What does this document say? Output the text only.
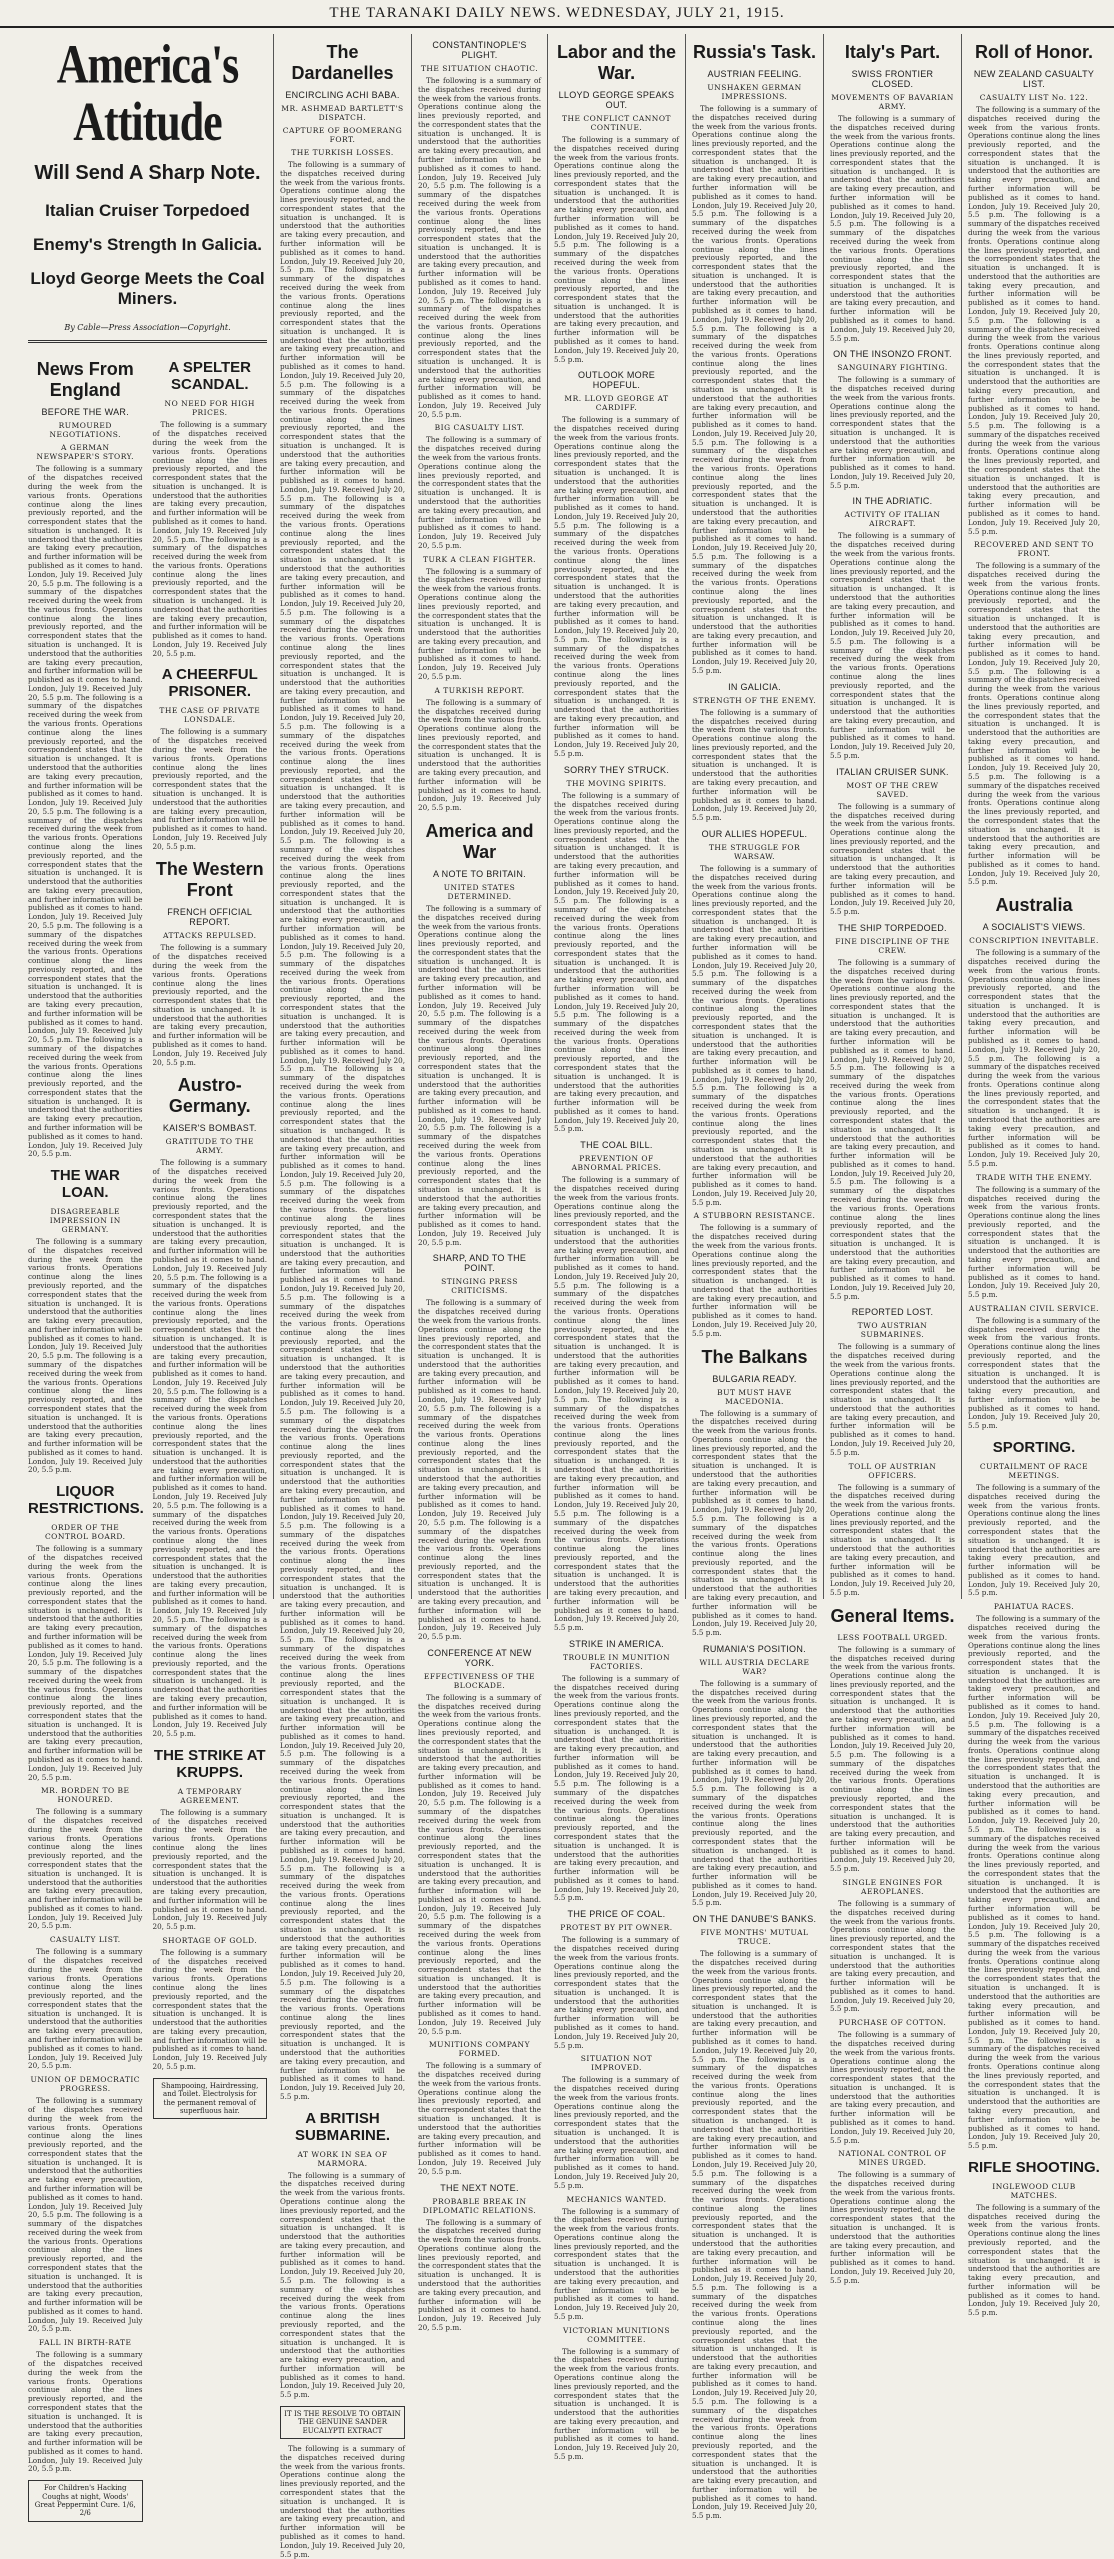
THE TARANAKI DAILY NEWS. WEDNESDAY, JULY 21, 1915.
America's Attitude
Will Send A Sharp Note.
Italian Cruiser Torpedoed
Enemy's Strength In Galicia.
Lloyd George Meets the Coal Miners.
By Cable—Press Association—Copyright.
News From England
BEFORE THE WAR.
RUMOURED NEGOTIATIONS.
A GERMAN NEWSPAPER'S STORY.

The following is a summary of the dispatches received during the week from the various fronts. Operations continue along the lines previously reported, and the correspondent states that the situation is unchanged. It is understood that the authorities are taking every precaution, and further information will be published as it comes to hand. London, July 19. Received July 20, 5.5 p.m. The following is a summary of the dispatches received during the week from the various fronts. Operations continue along the lines previously reported, and the correspondent states that the situation is unchanged. It is understood that the authorities are taking every precaution, and further information will be published as it comes to hand. London, July 19. Received July 20, 5.5 p.m. The following is a summary of the dispatches received during the week from the various fronts. Operations continue along the lines previously reported, and the correspondent states that the situation is unchanged. It is understood that the authorities are taking every precaution, and further information will be published as it comes to hand. London, July 19. Received July 20, 5.5 p.m. The following is a summary of the dispatches received during the week from the various fronts. Operations continue along the lines previously reported, and the correspondent states that the situation is unchanged. It is understood that the authorities are taking every precaution, and further information will be published as it comes to hand. London, July 19. Received July 20, 5.5 p.m. The following is a summary of the dispatches received during the week from the various fronts. Operations continue along the lines previously reported, and the correspondent states that the situation is unchanged. It is understood that the authorities are taking every precaution, and further information will be published as it comes to hand. London, July 19. Received July 20, 5.5 p.m. The following is a summary of the dispatches received during the week from the various fronts. Operations continue along the lines previously reported, and the correspondent states that the situation is unchanged. It is understood that the authorities are taking every precaution, and further information will be published as it comes to hand. London, July 19. Received July 20, 5.5 p.m.

THE WAR LOAN.
DISAGREEABLE IMPRESSION IN GERMANY.

The following is a summary of the dispatches received during the week from the various fronts. Operations continue along the lines previously reported, and the correspondent states that the situation is unchanged. It is understood that the authorities are taking every precaution, and further information will be published as it comes to hand. London, July 19. Received July 20, 5.5 p.m. The following is a summary of the dispatches received during the week from the various fronts. Operations continue along the lines previously reported, and the correspondent states that the situation is unchanged. It is understood that the authorities are taking every precaution, and further information will be published as it comes to hand. London, July 19. Received July 20, 5.5 p.m.

LIQUOR RESTRICTIONS.
ORDER OF THE CONTROL BOARD.

The following is a summary of the dispatches received during the week from the various fronts. Operations continue along the lines previously reported, and the correspondent states that the situation is unchanged. It is understood that the authorities are taking every precaution, and further information will be published as it comes to hand. London, July 19. Received July 20, 5.5 p.m. The following is a summary of the dispatches received during the week from the various fronts. Operations continue along the lines previously reported, and the correspondent states that the situation is unchanged. It is understood that the authorities are taking every precaution, and further information will be published as it comes to hand. London, July 19. Received July 20, 5.5 p.m.

MR. BORDEN TO BE HONOURED.

The following is a summary of the dispatches received during the week from the various fronts. Operations continue along the lines previously reported, and the correspondent states that the situation is unchanged. It is understood that the authorities are taking every precaution, and further information will be published as it comes to hand. London, July 19. Received July 20, 5.5 p.m.

CASUALTY LIST.

The following is a summary of the dispatches received during the week from the various fronts. Operations continue along the lines previously reported, and the correspondent states that the situation is unchanged. It is understood that the authorities are taking every precaution, and further information will be published as it comes to hand. London, July 19. Received July 20, 5.5 p.m.

UNION OF DEMOCRATIC PROGRESS.

The following is a summary of the dispatches received during the week from the various fronts. Operations continue along the lines previously reported, and the correspondent states that the situation is unchanged. It is understood that the authorities are taking every precaution, and further information will be published as it comes to hand. London, July 19. Received July 20, 5.5 p.m. The following is a summary of the dispatches received during the week from the various fronts. Operations continue along the lines previously reported, and the correspondent states that the situation is unchanged. It is understood that the authorities are taking every precaution, and further information will be published as it comes to hand. London, July 19. Received July 20, 5.5 p.m.

FALL IN BIRTH-RATE

The following is a summary of the dispatches received during the week from the various fronts. Operations continue along the lines previously reported, and the correspondent states that the situation is unchanged. It is understood that the authorities are taking every precaution, and further information will be published as it comes to hand. London, July 19. Received July 20, 5.5 p.m.

For Children's Hacking Coughs at night, Woods' Great Peppermint Cure. 1/6, 2/6
A SPELTER SCANDAL.
NO NEED FOR HIGH PRICES.

The following is a summary of the dispatches received during the week from the various fronts. Operations continue along the lines previously reported, and the correspondent states that the situation is unchanged. It is understood that the authorities are taking every precaution, and further information will be published as it comes to hand. London, July 19. Received July 20, 5.5 p.m. The following is a summary of the dispatches received during the week from the various fronts. Operations continue along the lines previously reported, and the correspondent states that the situation is unchanged. It is understood that the authorities are taking every precaution, and further information will be published as it comes to hand. London, July 19. Received July 20, 5.5 p.m.

A CHEERFUL PRISONER.
THE CASE OF PRIVATE LONSDALE.

The following is a summary of the dispatches received during the week from the various fronts. Operations continue along the lines previously reported, and the correspondent states that the situation is unchanged. It is understood that the authorities are taking every precaution, and further information will be published as it comes to hand. London, July 19. Received July 20, 5.5 p.m.

The Western Front
FRENCH OFFICIAL REPORT.
ATTACKS REPULSED.

The following is a summary of the dispatches received during the week from the various fronts. Operations continue along the lines previously reported, and the correspondent states that the situation is unchanged. It is understood that the authorities are taking every precaution, and further information will be published as it comes to hand. London, July 19. Received July 20, 5.5 p.m.

Austro-Germany.
KAISER'S BOMBAST.
GRATITUDE TO THE ARMY.

The following is a summary of the dispatches received during the week from the various fronts. Operations continue along the lines previously reported, and the correspondent states that the situation is unchanged. It is understood that the authorities are taking every precaution, and further information will be published as it comes to hand. London, July 19. Received July 20, 5.5 p.m. The following is a summary of the dispatches received during the week from the various fronts. Operations continue along the lines previously reported, and the correspondent states that the situation is unchanged. It is understood that the authorities are taking every precaution, and further information will be published as it comes to hand. London, July 19. Received July 20, 5.5 p.m. The following is a summary of the dispatches received during the week from the various fronts. Operations continue along the lines previously reported, and the correspondent states that the situation is unchanged. It is understood that the authorities are taking every precaution, and further information will be published as it comes to hand. London, July 19. Received July 20, 5.5 p.m. The following is a summary of the dispatches received during the week from the various fronts. Operations continue along the lines previously reported, and the correspondent states that the situation is unchanged. It is understood that the authorities are taking every precaution, and further information will be published as it comes to hand. London, July 19. Received July 20, 5.5 p.m. The following is a summary of the dispatches received during the week from the various fronts. Operations continue along the lines previously reported, and the correspondent states that the situation is unchanged. It is understood that the authorities are taking every precaution, and further information will be published as it comes to hand. London, July 19. Received July 20, 5.5 p.m.

THE STRIKE AT KRUPPS.
A TEMPORARY AGREEMENT.

The following is a summary of the dispatches received during the week from the various fronts. Operations continue along the lines previously reported, and the correspondent states that the situation is unchanged. It is understood that the authorities are taking every precaution, and further information will be published as it comes to hand. London, July 19. Received July 20, 5.5 p.m.

SHORTAGE OF GOLD.

The following is a summary of the dispatches received during the week from the various fronts. Operations continue along the lines previously reported, and the correspondent states that the situation is unchanged. It is understood that the authorities are taking every precaution, and further information will be published as it comes to hand. London, July 19. Received July 20, 5.5 p.m.

Shampooing, Hairdressing, and Toilet. Electrolysis for the permanent removal of superfluous hair.
The Dardanelles
ENCIRCLING ACHI BABA.
MR. ASHMEAD BARTLETT'S DISPATCH.
CAPTURE OF BOOMERANG FORT.
THE TURKISH LOSSES.

The following is a summary of the dispatches received during the week from the various fronts. Operations continue along the lines previously reported, and the correspondent states that the situation is unchanged. It is understood that the authorities are taking every precaution, and further information will be published as it comes to hand. London, July 19. Received July 20, 5.5 p.m. The following is a summary of the dispatches received during the week from the various fronts. Operations continue along the lines previously reported, and the correspondent states that the situation is unchanged. It is understood that the authorities are taking every precaution, and further information will be published as it comes to hand. London, July 19. Received July 20, 5.5 p.m. The following is a summary of the dispatches received during the week from the various fronts. Operations continue along the lines previously reported, and the correspondent states that the situation is unchanged. It is understood that the authorities are taking every precaution, and further information will be published as it comes to hand. London, July 19. Received July 20, 5.5 p.m. The following is a summary of the dispatches received during the week from the various fronts. Operations continue along the lines previously reported, and the correspondent states that the situation is unchanged. It is understood that the authorities are taking every precaution, and further information will be published as it comes to hand. London, July 19. Received July 20, 5.5 p.m. The following is a summary of the dispatches received during the week from the various fronts. Operations continue along the lines previously reported, and the correspondent states that the situation is unchanged. It is understood that the authorities are taking every precaution, and further information will be published as it comes to hand. London, July 19. Received July 20, 5.5 p.m. The following is a summary of the dispatches received during the week from the various fronts. Operations continue along the lines previously reported, and the correspondent states that the situation is unchanged. It is understood that the authorities are taking every precaution, and further information will be published as it comes to hand. London, July 19. Received July 20, 5.5 p.m. The following is a summary of the dispatches received during the week from the various fronts. Operations continue along the lines previously reported, and the correspondent states that the situation is unchanged. It is understood that the authorities are taking every precaution, and further information will be published as it comes to hand. London, July 19. Received July 20, 5.5 p.m. The following is a summary of the dispatches received during the week from the various fronts. Operations continue along the lines previously reported, and the correspondent states that the situation is unchanged. It is understood that the authorities are taking every precaution, and further information will be published as it comes to hand. London, July 19. Received July 20, 5.5 p.m. The following is a summary of the dispatches received during the week from the various fronts. Operations continue along the lines previously reported, and the correspondent states that the situation is unchanged. It is understood that the authorities are taking every precaution, and further information will be published as it comes to hand. London, July 19. Received July 20, 5.5 p.m. The following is a summary of the dispatches received during the week from the various fronts. Operations continue along the lines previously reported, and the correspondent states that the situation is unchanged. It is understood that the authorities are taking every precaution, and further information will be published as it comes to hand. London, July 19. Received July 20, 5.5 p.m. The following is a summary of the dispatches received during the week from the various fronts. Operations continue along the lines previously reported, and the correspondent states that the situation is unchanged. It is understood that the authorities are taking every precaution, and further information will be published as it comes to hand. London, July 19. Received July 20, 5.5 p.m. The following is a summary of the dispatches received during the week from the various fronts. Operations continue along the lines previously reported, and the correspondent states that the situation is unchanged. It is understood that the authorities are taking every precaution, and further information will be published as it comes to hand. London, July 19. Received July 20, 5.5 p.m. The following is a summary of the dispatches received during the week from the various fronts. Operations continue along the lines previously reported, and the correspondent states that the situation is unchanged. It is understood that the authorities are taking every precaution, and further information will be published as it comes to hand. London, July 19. Received July 20, 5.5 p.m. The following is a summary of the dispatches received during the week from the various fronts. Operations continue along the lines previously reported, and the correspondent states that the situation is unchanged. It is understood that the authorities are taking every precaution, and further information will be published as it comes to hand. London, July 19. Received July 20, 5.5 p.m. The following is a summary of the dispatches received during the week from the various fronts. Operations continue along the lines previously reported, and the correspondent states that the situation is unchanged. It is understood that the authorities are taking every precaution, and further information will be published as it comes to hand. London, July 19. Received July 20, 5.5 p.m. The following is a summary of the dispatches received during the week from the various fronts. Operations continue along the lines previously reported, and the correspondent states that the situation is unchanged. It is understood that the authorities are taking every precaution, and further information will be published as it comes to hand. London, July 19. Received July 20, 5.5 p.m. The following is a summary of the dispatches received during the week from the various fronts. Operations continue along the lines previously reported, and the correspondent states that the situation is unchanged. It is understood that the authorities are taking every precaution, and further information will be published as it comes to hand. London, July 19. Received July 20, 5.5 p.m.

A BRITISH SUBMARINE.
AT WORK IN SEA OF MARMORA.

The following is a summary of the dispatches received during the week from the various fronts. Operations continue along the lines previously reported, and the correspondent states that the situation is unchanged. It is understood that the authorities are taking every precaution, and further information will be published as it comes to hand. London, July 19. Received July 20, 5.5 p.m. The following is a summary of the dispatches received during the week from the various fronts. Operations continue along the lines previously reported, and the correspondent states that the situation is unchanged. It is understood that the authorities are taking every precaution, and further information will be published as it comes to hand. London, July 19. Received July 20, 5.5 p.m.

IT IS THE RESOLVE TO OBTAIN THE GENUINE SANDER EUCALYPTI EXTRACT

The following is a summary of the dispatches received during the week from the various fronts. Operations continue along the lines previously reported, and the correspondent states that the situation is unchanged. It is understood that the authorities are taking every precaution, and further information will be published as it comes to hand. London, July 19. Received July 20, 5.5 p.m.

CONSTANTINOPLE'S PLIGHT.
THE SITUATION CHAOTIC.

The following is a summary of the dispatches received during the week from the various fronts. Operations continue along the lines previously reported, and the correspondent states that the situation is unchanged. It is understood that the authorities are taking every precaution, and further information will be published as it comes to hand. London, July 19. Received July 20, 5.5 p.m. The following is a summary of the dispatches received during the week from the various fronts. Operations continue along the lines previously reported, and the correspondent states that the situation is unchanged. It is understood that the authorities are taking every precaution, and further information will be published as it comes to hand. London, July 19. Received July 20, 5.5 p.m. The following is a summary of the dispatches received during the week from the various fronts. Operations continue along the lines previously reported, and the correspondent states that the situation is unchanged. It is understood that the authorities are taking every precaution, and further information will be published as it comes to hand. London, July 19. Received July 20, 5.5 p.m.

BIG CASUALTY LIST.

The following is a summary of the dispatches received during the week from the various fronts. Operations continue along the lines previously reported, and the correspondent states that the situation is unchanged. It is understood that the authorities are taking every precaution, and further information will be published as it comes to hand. London, July 19. Received July 20, 5.5 p.m.

TURK A CLEAN FIGHTER.

The following is a summary of the dispatches received during the week from the various fronts. Operations continue along the lines previously reported, and the correspondent states that the situation is unchanged. It is understood that the authorities are taking every precaution, and further information will be published as it comes to hand. London, July 19. Received July 20, 5.5 p.m.

A TURKISH REPORT.

The following is a summary of the dispatches received during the week from the various fronts. Operations continue along the lines previously reported, and the correspondent states that the situation is unchanged. It is understood that the authorities are taking every precaution, and further information will be published as it comes to hand. London, July 19. Received July 20, 5.5 p.m.

America and War
A NOTE TO BRITAIN.
UNITED STATES DETERMINED.

The following is a summary of the dispatches received during the week from the various fronts. Operations continue along the lines previously reported, and the correspondent states that the situation is unchanged. It is understood that the authorities are taking every precaution, and further information will be published as it comes to hand. London, July 19. Received July 20, 5.5 p.m. The following is a summary of the dispatches received during the week from the various fronts. Operations continue along the lines previously reported, and the correspondent states that the situation is unchanged. It is understood that the authorities are taking every precaution, and further information will be published as it comes to hand. London, July 19. Received July 20, 5.5 p.m. The following is a summary of the dispatches received during the week from the various fronts. Operations continue along the lines previously reported, and the correspondent states that the situation is unchanged. It is understood that the authorities are taking every precaution, and further information will be published as it comes to hand. London, July 19. Received July 20, 5.5 p.m.

SHARP, AND TO THE POINT.
STINGING PRESS CRITICISMS.

The following is a summary of the dispatches received during the week from the various fronts. Operations continue along the lines previously reported, and the correspondent states that the situation is unchanged. It is understood that the authorities are taking every precaution, and further information will be published as it comes to hand. London, July 19. Received July 20, 5.5 p.m. The following is a summary of the dispatches received during the week from the various fronts. Operations continue along the lines previously reported, and the correspondent states that the situation is unchanged. It is understood that the authorities are taking every precaution, and further information will be published as it comes to hand. London, July 19. Received July 20, 5.5 p.m. The following is a summary of the dispatches received during the week from the various fronts. Operations continue along the lines previously reported, and the correspondent states that the situation is unchanged. It is understood that the authorities are taking every precaution, and further information will be published as it comes to hand. London, July 19. Received July 20, 5.5 p.m.

CONFERENCE AT NEW YORK.
EFFECTIVENESS OF THE BLOCKADE.

The following is a summary of the dispatches received during the week from the various fronts. Operations continue along the lines previously reported, and the correspondent states that the situation is unchanged. It is understood that the authorities are taking every precaution, and further information will be published as it comes to hand. London, July 19. Received July 20, 5.5 p.m. The following is a summary of the dispatches received during the week from the various fronts. Operations continue along the lines previously reported, and the correspondent states that the situation is unchanged. It is understood that the authorities are taking every precaution, and further information will be published as it comes to hand. London, July 19. Received July 20, 5.5 p.m. The following is a summary of the dispatches received during the week from the various fronts. Operations continue along the lines previously reported, and the correspondent states that the situation is unchanged. It is understood that the authorities are taking every precaution, and further information will be published as it comes to hand. London, July 19. Received July 20, 5.5 p.m.

MUNITIONS COMPANY FORMED.

The following is a summary of the dispatches received during the week from the various fronts. Operations continue along the lines previously reported, and the correspondent states that the situation is unchanged. It is understood that the authorities are taking every precaution, and further information will be published as it comes to hand. London, July 19. Received July 20, 5.5 p.m.

THE NEXT NOTE.
PROBABLE BREAK IN DIPLOMATIC RELATIONS.

The following is a summary of the dispatches received during the week from the various fronts. Operations continue along the lines previously reported, and the correspondent states that the situation is unchanged. It is understood that the authorities are taking every precaution, and further information will be published as it comes to hand. London, July 19. Received July 20, 5.5 p.m.

Labor and the War.
LLOYD GEORGE SPEAKS OUT.
THE CONFLICT CANNOT CONTINUE.

The following is a summary of the dispatches received during the week from the various fronts. Operations continue along the lines previously reported, and the correspondent states that the situation is unchanged. It is understood that the authorities are taking every precaution, and further information will be published as it comes to hand. London, July 19. Received July 20, 5.5 p.m. The following is a summary of the dispatches received during the week from the various fronts. Operations continue along the lines previously reported, and the correspondent states that the situation is unchanged. It is understood that the authorities are taking every precaution, and further information will be published as it comes to hand. London, July 19. Received July 20, 5.5 p.m.

OUTLOOK MORE HOPEFUL.
MR. LLOYD GEORGE AT CARDIFF.

The following is a summary of the dispatches received during the week from the various fronts. Operations continue along the lines previously reported, and the correspondent states that the situation is unchanged. It is understood that the authorities are taking every precaution, and further information will be published as it comes to hand. London, July 19. Received July 20, 5.5 p.m. The following is a summary of the dispatches received during the week from the various fronts. Operations continue along the lines previously reported, and the correspondent states that the situation is unchanged. It is understood that the authorities are taking every precaution, and further information will be published as it comes to hand. London, July 19. Received July 20, 5.5 p.m. The following is a summary of the dispatches received during the week from the various fronts. Operations continue along the lines previously reported, and the correspondent states that the situation is unchanged. It is understood that the authorities are taking every precaution, and further information will be published as it comes to hand. London, July 19. Received July 20, 5.5 p.m.

SORRY THEY STRUCK.
THE MOVING SPIRITS.

The following is a summary of the dispatches received during the week from the various fronts. Operations continue along the lines previously reported, and the correspondent states that the situation is unchanged. It is understood that the authorities are taking every precaution, and further information will be published as it comes to hand. London, July 19. Received July 20, 5.5 p.m. The following is a summary of the dispatches received during the week from the various fronts. Operations continue along the lines previously reported, and the correspondent states that the situation is unchanged. It is understood that the authorities are taking every precaution, and further information will be published as it comes to hand. London, July 19. Received July 20, 5.5 p.m. The following is a summary of the dispatches received during the week from the various fronts. Operations continue along the lines previously reported, and the correspondent states that the situation is unchanged. It is understood that the authorities are taking every precaution, and further information will be published as it comes to hand. London, July 19. Received July 20, 5.5 p.m.

THE COAL BILL.
PREVENTION OF ABNORMAL PRICES.

The following is a summary of the dispatches received during the week from the various fronts. Operations continue along the lines previously reported, and the correspondent states that the situation is unchanged. It is understood that the authorities are taking every precaution, and further information will be published as it comes to hand. London, July 19. Received July 20, 5.5 p.m. The following is a summary of the dispatches received during the week from the various fronts. Operations continue along the lines previously reported, and the correspondent states that the situation is unchanged. It is understood that the authorities are taking every precaution, and further information will be published as it comes to hand. London, July 19. Received July 20, 5.5 p.m. The following is a summary of the dispatches received during the week from the various fronts. Operations continue along the lines previously reported, and the correspondent states that the situation is unchanged. It is understood that the authorities are taking every precaution, and further information will be published as it comes to hand. London, July 19. Received July 20, 5.5 p.m. The following is a summary of the dispatches received during the week from the various fronts. Operations continue along the lines previously reported, and the correspondent states that the situation is unchanged. It is understood that the authorities are taking every precaution, and further information will be published as it comes to hand. London, July 19. Received July 20, 5.5 p.m.

STRIKE IN AMERICA.
TROUBLE IN MUNITION FACTORIES.

The following is a summary of the dispatches received during the week from the various fronts. Operations continue along the lines previously reported, and the correspondent states that the situation is unchanged. It is understood that the authorities are taking every precaution, and further information will be published as it comes to hand. London, July 19. Received July 20, 5.5 p.m. The following is a summary of the dispatches received during the week from the various fronts. Operations continue along the lines previously reported, and the correspondent states that the situation is unchanged. It is understood that the authorities are taking every precaution, and further information will be published as it comes to hand. London, July 19. Received July 20, 5.5 p.m.

THE PRICE OF COAL.
PROTEST BY PIT OWNER.

The following is a summary of the dispatches received during the week from the various fronts. Operations continue along the lines previously reported, and the correspondent states that the situation is unchanged. It is understood that the authorities are taking every precaution, and further information will be published as it comes to hand. London, July 19. Received July 20, 5.5 p.m.

SITUATION NOT IMPROVED.

The following is a summary of the dispatches received during the week from the various fronts. Operations continue along the lines previously reported, and the correspondent states that the situation is unchanged. It is understood that the authorities are taking every precaution, and further information will be published as it comes to hand. London, July 19. Received July 20, 5.5 p.m.

MECHANICS WANTED.

The following is a summary of the dispatches received during the week from the various fronts. Operations continue along the lines previously reported, and the correspondent states that the situation is unchanged. It is understood that the authorities are taking every precaution, and further information will be published as it comes to hand. London, July 19. Received July 20, 5.5 p.m.

VICTORIAN MUNITIONS COMMITTEE.

The following is a summary of the dispatches received during the week from the various fronts. Operations continue along the lines previously reported, and the correspondent states that the situation is unchanged. It is understood that the authorities are taking every precaution, and further information will be published as it comes to hand. London, July 19. Received July 20, 5.5 p.m.

Russia's Task.
AUSTRIAN FEELING.
UNSHAKEN GERMAN IMPRESSIONS.

The following is a summary of the dispatches received during the week from the various fronts. Operations continue along the lines previously reported, and the correspondent states that the situation is unchanged. It is understood that the authorities are taking every precaution, and further information will be published as it comes to hand. London, July 19. Received July 20, 5.5 p.m. The following is a summary of the dispatches received during the week from the various fronts. Operations continue along the lines previously reported, and the correspondent states that the situation is unchanged. It is understood that the authorities are taking every precaution, and further information will be published as it comes to hand. London, July 19. Received July 20, 5.5 p.m. The following is a summary of the dispatches received during the week from the various fronts. Operations continue along the lines previously reported, and the correspondent states that the situation is unchanged. It is understood that the authorities are taking every precaution, and further information will be published as it comes to hand. London, July 19. Received July 20, 5.5 p.m. The following is a summary of the dispatches received during the week from the various fronts. Operations continue along the lines previously reported, and the correspondent states that the situation is unchanged. It is understood that the authorities are taking every precaution, and further information will be published as it comes to hand. London, July 19. Received July 20, 5.5 p.m. The following is a summary of the dispatches received during the week from the various fronts. Operations continue along the lines previously reported, and the correspondent states that the situation is unchanged. It is understood that the authorities are taking every precaution, and further information will be published as it comes to hand. London, July 19. Received July 20, 5.5 p.m.

IN GALICIA.
STRENGTH OF THE ENEMY.

The following is a summary of the dispatches received during the week from the various fronts. Operations continue along the lines previously reported, and the correspondent states that the situation is unchanged. It is understood that the authorities are taking every precaution, and further information will be published as it comes to hand. London, July 19. Received July 20, 5.5 p.m.

OUR ALLIES HOPEFUL.
THE STRUGGLE FOR WARSAW.

The following is a summary of the dispatches received during the week from the various fronts. Operations continue along the lines previously reported, and the correspondent states that the situation is unchanged. It is understood that the authorities are taking every precaution, and further information will be published as it comes to hand. London, July 19. Received July 20, 5.5 p.m. The following is a summary of the dispatches received during the week from the various fronts. Operations continue along the lines previously reported, and the correspondent states that the situation is unchanged. It is understood that the authorities are taking every precaution, and further information will be published as it comes to hand. London, July 19. Received July 20, 5.5 p.m. The following is a summary of the dispatches received during the week from the various fronts. Operations continue along the lines previously reported, and the correspondent states that the situation is unchanged. It is understood that the authorities are taking every precaution, and further information will be published as it comes to hand. London, July 19. Received July 20, 5.5 p.m.

A STUBBORN RESISTANCE.

The following is a summary of the dispatches received during the week from the various fronts. Operations continue along the lines previously reported, and the correspondent states that the situation is unchanged. It is understood that the authorities are taking every precaution, and further information will be published as it comes to hand. London, July 19. Received July 20, 5.5 p.m.

The Balkans
BULGARIA READY.
BUT MUST HAVE MACEDONIA.

The following is a summary of the dispatches received during the week from the various fronts. Operations continue along the lines previously reported, and the correspondent states that the situation is unchanged. It is understood that the authorities are taking every precaution, and further information will be published as it comes to hand. London, July 19. Received July 20, 5.5 p.m. The following is a summary of the dispatches received during the week from the various fronts. Operations continue along the lines previously reported, and the correspondent states that the situation is unchanged. It is understood that the authorities are taking every precaution, and further information will be published as it comes to hand. London, July 19. Received July 20, 5.5 p.m.

RUMANIA'S POSITION.
WILL AUSTRIA DECLARE WAR?

The following is a summary of the dispatches received during the week from the various fronts. Operations continue along the lines previously reported, and the correspondent states that the situation is unchanged. It is understood that the authorities are taking every precaution, and further information will be published as it comes to hand. London, July 19. Received July 20, 5.5 p.m. The following is a summary of the dispatches received during the week from the various fronts. Operations continue along the lines previously reported, and the correspondent states that the situation is unchanged. It is understood that the authorities are taking every precaution, and further information will be published as it comes to hand. London, July 19. Received July 20, 5.5 p.m.

ON THE DANUBE'S BANKS.
FIVE MONTHS' MUTUAL TRUCE.

The following is a summary of the dispatches received during the week from the various fronts. Operations continue along the lines previously reported, and the correspondent states that the situation is unchanged. It is understood that the authorities are taking every precaution, and further information will be published as it comes to hand. London, July 19. Received July 20, 5.5 p.m. The following is a summary of the dispatches received during the week from the various fronts. Operations continue along the lines previously reported, and the correspondent states that the situation is unchanged. It is understood that the authorities are taking every precaution, and further information will be published as it comes to hand. London, July 19. Received July 20, 5.5 p.m. The following is a summary of the dispatches received during the week from the various fronts. Operations continue along the lines previously reported, and the correspondent states that the situation is unchanged. It is understood that the authorities are taking every precaution, and further information will be published as it comes to hand. London, July 19. Received July 20, 5.5 p.m. The following is a summary of the dispatches received during the week from the various fronts. Operations continue along the lines previously reported, and the correspondent states that the situation is unchanged. It is understood that the authorities are taking every precaution, and further information will be published as it comes to hand. London, July 19. Received July 20, 5.5 p.m. The following is a summary of the dispatches received during the week from the various fronts. Operations continue along the lines previously reported, and the correspondent states that the situation is unchanged. It is understood that the authorities are taking every precaution, and further information will be published as it comes to hand. London, July 19. Received July 20, 5.5 p.m.

Italy's Part.
SWISS FRONTIER CLOSED.
MOVEMENTS OF BAVARIAN ARMY.

The following is a summary of the dispatches received during the week from the various fronts. Operations continue along the lines previously reported, and the correspondent states that the situation is unchanged. It is understood that the authorities are taking every precaution, and further information will be published as it comes to hand. London, July 19. Received July 20, 5.5 p.m. The following is a summary of the dispatches received during the week from the various fronts. Operations continue along the lines previously reported, and the correspondent states that the situation is unchanged. It is understood that the authorities are taking every precaution, and further information will be published as it comes to hand. London, July 19. Received July 20, 5.5 p.m.

ON THE INSONZO FRONT.
SANGUINARY FIGHTING.

The following is a summary of the dispatches received during the week from the various fronts. Operations continue along the lines previously reported, and the correspondent states that the situation is unchanged. It is understood that the authorities are taking every precaution, and further information will be published as it comes to hand. London, July 19. Received July 20, 5.5 p.m.

IN THE ADRIATIC.
ACTIVITY OF ITALIAN AIRCRAFT.

The following is a summary of the dispatches received during the week from the various fronts. Operations continue along the lines previously reported, and the correspondent states that the situation is unchanged. It is understood that the authorities are taking every precaution, and further information will be published as it comes to hand. London, July 19. Received July 20, 5.5 p.m. The following is a summary of the dispatches received during the week from the various fronts. Operations continue along the lines previously reported, and the correspondent states that the situation is unchanged. It is understood that the authorities are taking every precaution, and further information will be published as it comes to hand. London, July 19. Received July 20, 5.5 p.m.

ITALIAN CRUISER SUNK.
MOST OF THE CREW SAVED.

The following is a summary of the dispatches received during the week from the various fronts. Operations continue along the lines previously reported, and the correspondent states that the situation is unchanged. It is understood that the authorities are taking every precaution, and further information will be published as it comes to hand. London, July 19. Received July 20, 5.5 p.m.

THE SHIP TORPEDOED.
FINE DISCIPLINE OF THE CREW.

The following is a summary of the dispatches received during the week from the various fronts. Operations continue along the lines previously reported, and the correspondent states that the situation is unchanged. It is understood that the authorities are taking every precaution, and further information will be published as it comes to hand. London, July 19. Received July 20, 5.5 p.m. The following is a summary of the dispatches received during the week from the various fronts. Operations continue along the lines previously reported, and the correspondent states that the situation is unchanged. It is understood that the authorities are taking every precaution, and further information will be published as it comes to hand. London, July 19. Received July 20, 5.5 p.m. The following is a summary of the dispatches received during the week from the various fronts. Operations continue along the lines previously reported, and the correspondent states that the situation is unchanged. It is understood that the authorities are taking every precaution, and further information will be published as it comes to hand. London, July 19. Received July 20, 5.5 p.m.

REPORTED LOST.
TWO AUSTRIAN SUBMARINES.

The following is a summary of the dispatches received during the week from the various fronts. Operations continue along the lines previously reported, and the correspondent states that the situation is unchanged. It is understood that the authorities are taking every precaution, and further information will be published as it comes to hand. London, July 19. Received July 20, 5.5 p.m.

TOLL OF AUSTRIAN OFFICERS.

The following is a summary of the dispatches received during the week from the various fronts. Operations continue along the lines previously reported, and the correspondent states that the situation is unchanged. It is understood that the authorities are taking every precaution, and further information will be published as it comes to hand. London, July 19. Received July 20, 5.5 p.m.

General Items.
LESS FOOTBALL URGED.

The following is a summary of the dispatches received during the week from the various fronts. Operations continue along the lines previously reported, and the correspondent states that the situation is unchanged. It is understood that the authorities are taking every precaution, and further information will be published as it comes to hand. London, July 19. Received July 20, 5.5 p.m. The following is a summary of the dispatches received during the week from the various fronts. Operations continue along the lines previously reported, and the correspondent states that the situation is unchanged. It is understood that the authorities are taking every precaution, and further information will be published as it comes to hand. London, July 19. Received July 20, 5.5 p.m.

SINGLE ENGINES FOR AEROPLANES.

The following is a summary of the dispatches received during the week from the various fronts. Operations continue along the lines previously reported, and the correspondent states that the situation is unchanged. It is understood that the authorities are taking every precaution, and further information will be published as it comes to hand. London, July 19. Received July 20, 5.5 p.m.

PURCHASE OF COTTON.

The following is a summary of the dispatches received during the week from the various fronts. Operations continue along the lines previously reported, and the correspondent states that the situation is unchanged. It is understood that the authorities are taking every precaution, and further information will be published as it comes to hand. London, July 19. Received July 20, 5.5 p.m.

NATIONAL CONTROL OF MINES URGED.

The following is a summary of the dispatches received during the week from the various fronts. Operations continue along the lines previously reported, and the correspondent states that the situation is unchanged. It is understood that the authorities are taking every precaution, and further information will be published as it comes to hand. London, July 19. Received July 20, 5.5 p.m.

Roll of Honor.
NEW ZEALAND CASUALTY LIST.
CASUALTY LIST No. 122.

The following is a summary of the dispatches received during the week from the various fronts. Operations continue along the lines previously reported, and the correspondent states that the situation is unchanged. It is understood that the authorities are taking every precaution, and further information will be published as it comes to hand. London, July 19. Received July 20, 5.5 p.m. The following is a summary of the dispatches received during the week from the various fronts. Operations continue along the lines previously reported, and the correspondent states that the situation is unchanged. It is understood that the authorities are taking every precaution, and further information will be published as it comes to hand. London, July 19. Received July 20, 5.5 p.m. The following is a summary of the dispatches received during the week from the various fronts. Operations continue along the lines previously reported, and the correspondent states that the situation is unchanged. It is understood that the authorities are taking every precaution, and further information will be published as it comes to hand. London, July 19. Received July 20, 5.5 p.m. The following is a summary of the dispatches received during the week from the various fronts. Operations continue along the lines previously reported, and the correspondent states that the situation is unchanged. It is understood that the authorities are taking every precaution, and further information will be published as it comes to hand. London, July 19. Received July 20, 5.5 p.m.

RECOVERED AND SENT TO FRONT.

The following is a summary of the dispatches received during the week from the various fronts. Operations continue along the lines previously reported, and the correspondent states that the situation is unchanged. It is understood that the authorities are taking every precaution, and further information will be published as it comes to hand. London, July 19. Received July 20, 5.5 p.m. The following is a summary of the dispatches received during the week from the various fronts. Operations continue along the lines previously reported, and the correspondent states that the situation is unchanged. It is understood that the authorities are taking every precaution, and further information will be published as it comes to hand. London, July 19. Received July 20, 5.5 p.m. The following is a summary of the dispatches received during the week from the various fronts. Operations continue along the lines previously reported, and the correspondent states that the situation is unchanged. It is understood that the authorities are taking every precaution, and further information will be published as it comes to hand. London, July 19. Received July 20, 5.5 p.m.

Australia
A SOCIALIST'S VIEWS.
CONSCRIPTION INEVITABLE.

The following is a summary of the dispatches received during the week from the various fronts. Operations continue along the lines previously reported, and the correspondent states that the situation is unchanged. It is understood that the authorities are taking every precaution, and further information will be published as it comes to hand. London, July 19. Received July 20, 5.5 p.m. The following is a summary of the dispatches received during the week from the various fronts. Operations continue along the lines previously reported, and the correspondent states that the situation is unchanged. It is understood that the authorities are taking every precaution, and further information will be published as it comes to hand. London, July 19. Received July 20, 5.5 p.m.

TRADE WITH THE ENEMY.

The following is a summary of the dispatches received during the week from the various fronts. Operations continue along the lines previously reported, and the correspondent states that the situation is unchanged. It is understood that the authorities are taking every precaution, and further information will be published as it comes to hand. London, July 19. Received July 20, 5.5 p.m.

AUSTRALIAN CIVIL SERVICE.

The following is a summary of the dispatches received during the week from the various fronts. Operations continue along the lines previously reported, and the correspondent states that the situation is unchanged. It is understood that the authorities are taking every precaution, and further information will be published as it comes to hand. London, July 19. Received July 20, 5.5 p.m.

SPORTING.
CURTAILMENT OF RACE MEETINGS.

The following is a summary of the dispatches received during the week from the various fronts. Operations continue along the lines previously reported, and the correspondent states that the situation is unchanged. It is understood that the authorities are taking every precaution, and further information will be published as it comes to hand. London, July 19. Received July 20, 5.5 p.m.

PAHIATUA RACES.

The following is a summary of the dispatches received during the week from the various fronts. Operations continue along the lines previously reported, and the correspondent states that the situation is unchanged. It is understood that the authorities are taking every precaution, and further information will be published as it comes to hand. London, July 19. Received July 20, 5.5 p.m. The following is a summary of the dispatches received during the week from the various fronts. Operations continue along the lines previously reported, and the correspondent states that the situation is unchanged. It is understood that the authorities are taking every precaution, and further information will be published as it comes to hand. London, July 19. Received July 20, 5.5 p.m. The following is a summary of the dispatches received during the week from the various fronts. Operations continue along the lines previously reported, and the correspondent states that the situation is unchanged. It is understood that the authorities are taking every precaution, and further information will be published as it comes to hand. London, July 19. Received July 20, 5.5 p.m. The following is a summary of the dispatches received during the week from the various fronts. Operations continue along the lines previously reported, and the correspondent states that the situation is unchanged. It is understood that the authorities are taking every precaution, and further information will be published as it comes to hand. London, July 19. Received July 20, 5.5 p.m. The following is a summary of the dispatches received during the week from the various fronts. Operations continue along the lines previously reported, and the correspondent states that the situation is unchanged. It is understood that the authorities are taking every precaution, and further information will be published as it comes to hand. London, July 19. Received July 20, 5.5 p.m.

RIFLE SHOOTING.
INGLEWOOD CLUB MATCHES.

The following is a summary of the dispatches received during the week from the various fronts. Operations continue along the lines previously reported, and the correspondent states that the situation is unchanged. It is understood that the authorities are taking every precaution, and further information will be published as it comes to hand. London, July 19. Received July 20, 5.5 p.m.
